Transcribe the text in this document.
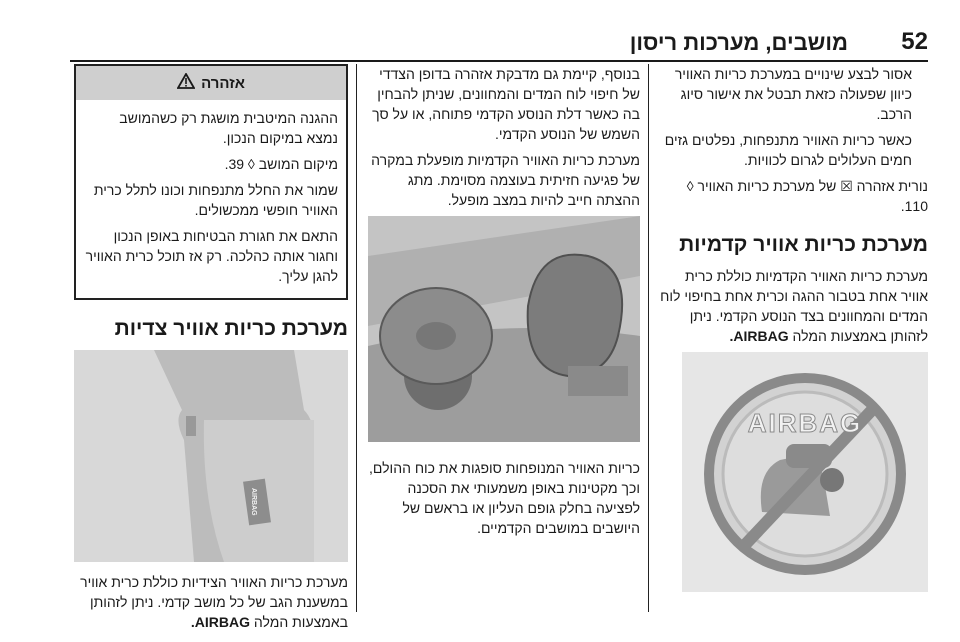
52
מושבים, מערכות ריסון

אסור לבצע שינויים במערכת כריות האוויר כיוון שפעולה כזאת תבטל את אישור סיוג הרכב.

כאשר כריות האוויר מתנפחות, נפלטים גזים חמים העלולים לגרום לכוויות.

נורית אזהרה ☒ של מערכת כריות האוויר ◊ 110.

מערכת כריות אוויר קדמיות

מערכת כריות האוויר הקדמיות כוללת כרית אוויר אחת בטבור ההגה וכרית אחת בחיפוי לוח המדים והמחוונים בצד הנוסע הקדמי. ניתן לזהותן באמצעות המלה AIRBAG.

AIRBAG

בנוסף, קיימת גם מדבקת אזהרה בדופן הצדדי של חיפוי לוח המדים והמחוונים, שניתן להבחין בה כאשר דלת הנוסע הקדמי פתוחה, או על סך השמש של הנוסע הקדמי.

מערכת כריות האוויר הקדמיות מופעלת במקרה של פגיעה חזיתית בעוצמה מסוימת. מתג ההצתה חייב להיות במצב מופעל.

כריות האוויר המנופחות סופגות את כוח ההולם, וכך מקטינות באופן משמעותי את הסכנה לפציעה בחלק גופם העליון או בראשם של היושבים במושבים הקדמיים.

אזהרה

ההגנה המיטבית מושגת רק כשהמושב נמצא במיקום הנכון.

מיקום המושב ◊ 39.

שמור את החלל מתנפחות וכונו לתלל כרית האוויר חופשי ממכשולים.

התאם את חגורת הבטיחות באופן הנכון וחגור אותה כהלכה. רק אז תוכל כרית האוויר להגן עליך.

מערכת כריות אוויר צדיות
AIRBAG

מערכת כריות האוויר הצידיות כוללת כרית אוויר במשענת הגב של כל מושב קדמי. ניתן לזהותן באמצעות המלה AIRBAG.
